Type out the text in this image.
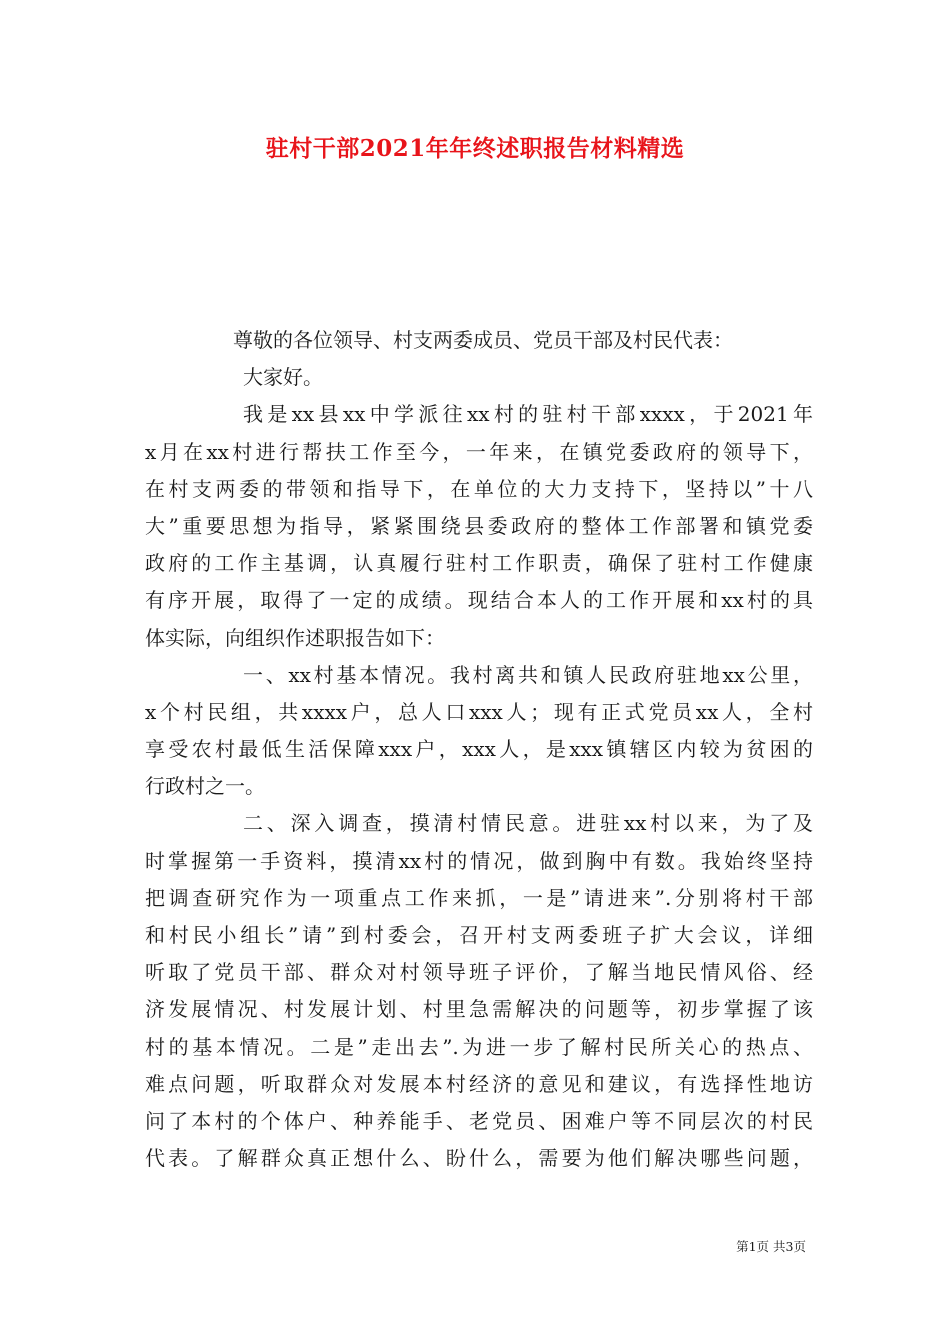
驻村干部2021年年终述职报告材料精选
尊敬的各位领导、村支两委成员、党员干部及村民代表：
大家好。
我是xx县xx中学派往xx村的驻村干部xxxx，于2021年
x月在xx村进行帮扶工作至今，一年来，在镇党委政府的领导下，
在村支两委的带领和指导下，在单位的大力支持下，坚持以”十八
大”重要思想为指导，紧紧围绕县委政府的整体工作部署和镇党委
政府的工作主基调，认真履行驻村工作职责，确保了驻村工作健康
有序开展，取得了一定的成绩。现结合本人的工作开展和xx村的具
体实际，向组织作述职报告如下：
一、xx村基本情况。我村离共和镇人民政府驻地xx公里，
x个村民组，共xxxx户，总人口xxx人；现有正式党员xx人，全村
享受农村最低生活保障xxx户，xxx人，是xxx镇辖区内较为贫困的
行政村之一。
二、深入调查，摸清村情民意。进驻xx村以来，为了及
时掌握第一手资料，摸清xx村的情况，做到胸中有数。我始终坚持
把调查研究作为一项重点工作来抓，一是”请进来”.分别将村干部
和村民小组长”请”到村委会，召开村支两委班子扩大会议，详细
听取了党员干部、群众对村领导班子评价，了解当地民情风俗、经
济发展情况、村发展计划、村里急需解决的问题等，初步掌握了该
村的基本情况。二是”走出去”.为进一步了解村民所关心的热点、
难点问题，听取群众对发展本村经济的意见和建议，有选择性地访
问了本村的个体户、种养能手、老党员、困难户等不同层次的村民
代表。了解群众真正想什么、盼什么，需要为他们解决哪些问题，
第1页 共3页
